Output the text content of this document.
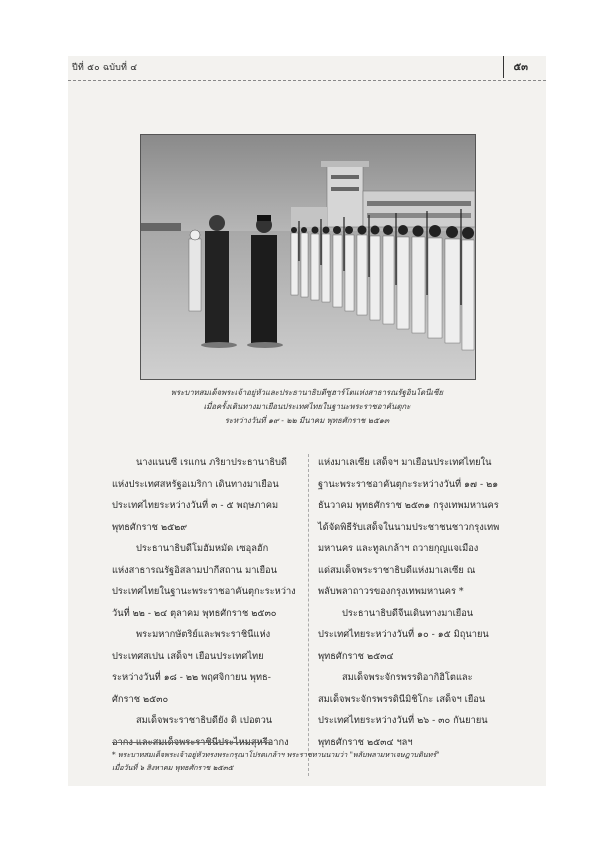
ปีที่ ๕๐ ฉบับที่ ๔	๕๓
พระบาทสมเด็จพระเจ้าอยู่หัวและประธานาธิบดีซูฮาร์โตแห่งสาธารณรัฐอินโดนีเซีย
เมื่อครั้งเดินทางมาเยือนประเทศไทยในฐานะพระราชอาคันตุกะ
ระหว่างวันที่ ๑๙ - ๒๒ มีนาคม พุทธศักราช ๒๕๑๓

นางแนนซี เรแกน ภริยาประธานาธิบดี
แห่งประเทศสหรัฐอเมริกา เดินทางมาเยือน
ประเทศไทยระหว่างวันที่ ๓ - ๕ พฤษภาคม
พุทธศักราช ๒๕๒๙

ประธานาธิบดีโมฮัมหมัด เซอุลฮัก
แห่งสาธารณรัฐอิสลามปากีสถาน มาเยือน
ประเทศไทยในฐานะพระราชอาคันตุกะระหว่าง
วันที่ ๒๒ - ๒๔ ตุลาคม พุทธศักราช ๒๕๓๐

พระมหากษัตริย์และพระราชินีแห่ง
ประเทศสเปน เสด็จฯ เยือนประเทศไทย
ระหว่างวันที่ ๑๘ - ๒๒ พฤศจิกายน พุทธ-
ศักราช ๒๕๓๐

สมเด็จพระราชาธิบดียัง ดิ เปอตวน
อากง และสมเด็จพระราชินีประไหมสุหรีอากง

แห่งมาเลเซีย เสด็จฯ มาเยือนประเทศไทยใน
ฐานะพระราชอาคันตุกะระหว่างวันที่ ๑๗ - ๒๑
ธันวาคม พุทธศักราช ๒๕๓๑ กรุงเทพมหานคร
ได้จัดพิธีรับเสด็จในนามประชาชนชาวกรุงเทพ
มหานคร และทูลเกล้าฯ ถวายกุญแจเมือง
แด่สมเด็จพระราชาธิบดีแห่งมาเลเซีย ณ
พลับพลาถาวรของกรุงเทพมหานคร *

ประธานาธิบดีจีนเดินทางมาเยือน
ประเทศไทยระหว่างวันที่ ๑๐ - ๑๕ มิถุนายน
พุทธศักราช ๒๕๓๔

สมเด็จพระจักรพรรดิอากิฮิโตและ
สมเด็จพระจักรพรรดินีมิชิโกะ เสด็จฯ เยือน
ประเทศไทยระหว่างวันที่ ๒๖ - ๓๐ กันยายน
พุทธศักราช ๒๕๓๔ ฯลฯ

* พระบาทสมเด็จพระเจ้าอยู่หัวทรงพระกรุณาโปรดเกล้าฯ พระราชทานนามว่า "พลับพลามหาเจษฎาบดินทร์"
เมื่อวันที่ ๖ สิงหาคม พุทธศักราช ๒๕๓๕
